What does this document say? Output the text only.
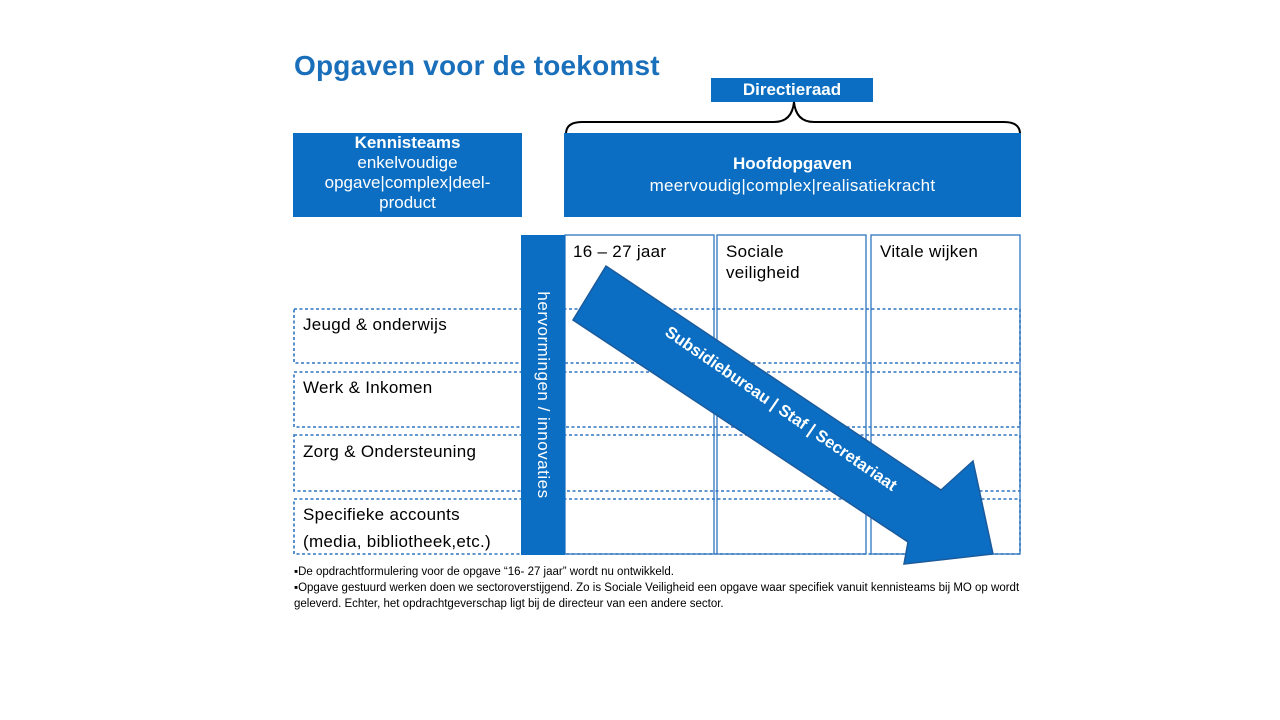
Opgaven voor de toekomst
Directieraad
Kennisteams
enkelvoudige
opgave|complex|deel-
product
Hoofdopgaven
meervoudig|complex|realisatiekracht
hervormingen / innovaties
16 – 27 jaar	Sociale
veiligheid
Vitale wijken
Jeugd & onderwijs
Werk & Inkomen
Zorg & Ondersteuning
Specifieke accounts
(media, bibliotheek,etc.)
Subsidiebureau | Staf | Secretariaat

▪De opdrachtformulering voor de opgave “16- 27 jaar” wordt nu ontwikkeld.

▪Opgave gestuurd werken doen we sectoroverstijgend. Zo is Sociale Veiligheid een opgave waar specifiek vanuit kennisteams bij MO op wordt geleverd. Echter, het opdrachtgeverschap ligt bij de directeur van een andere sector.
